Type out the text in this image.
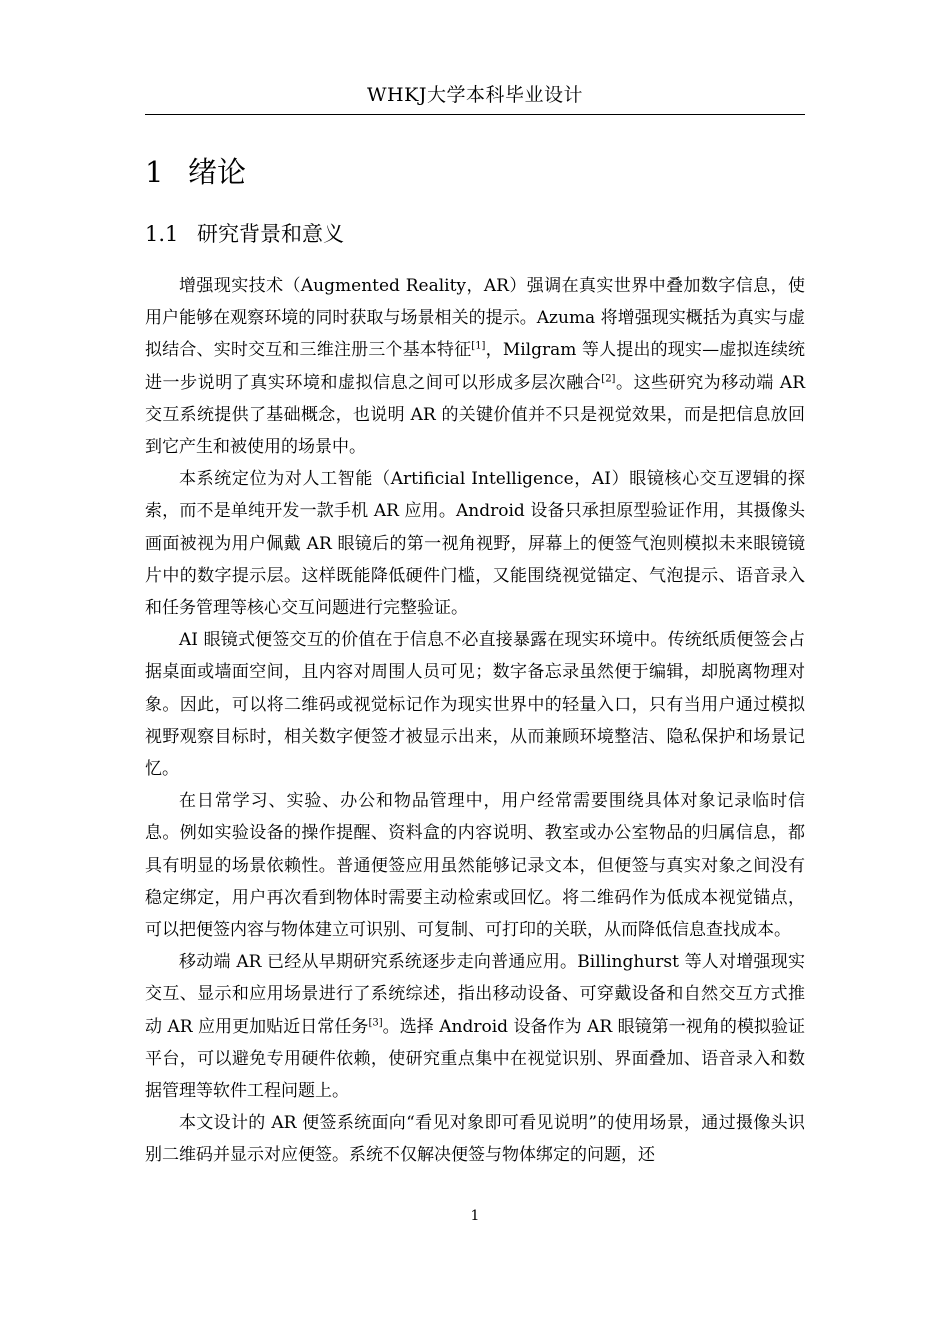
WHKJ大学本科毕业设计
1 绪论
1.1 研究背景和意义

增强现实技术（Augmented Reality，AR）强调在真实世界中叠加数字信息，使用户能够在观察环境的同时获取与场景相关的提示。Azuma 将增强现实概括为真实与虚拟结合、实时交互和三维注册三个基本特征[1]，Milgram 等人提出的现实—虚拟连续统进一步说明了真实环境和虚拟信息之间可以形成多层次融合[2]。这些研究为移动端 AR 交互系统提供了基础概念，也说明 AR 的关键价值并不只是视觉效果，而是把信息放回到它产生和被使用的场景中。

本系统定位为对人工智能（Artificial Intelligence，AI）眼镜核心交互逻辑的探索，而不是单纯开发一款手机 AR 应用。Android 设备只承担原型验证作用，其摄像头画面被视为用户佩戴 AR 眼镜后的第一视角视野，屏幕上的便签气泡则模拟未来眼镜镜片中的数字提示层。这样既能降低硬件门槛，又能围绕视觉锚定、气泡提示、语音录入和任务管理等核心交互问题进行完整验证。

AI 眼镜式便签交互的价值在于信息不必直接暴露在现实环境中。传统纸质便签会占据桌面或墙面空间，且内容对周围人员可见；数字备忘录虽然便于编辑，却脱离物理对象。因此，可以将二维码或视觉标记作为现实世界中的轻量入口，只有当用户通过模拟视野观察目标时，相关数字便签才被显示出来，从而兼顾环境整洁、隐私保护和场景记忆。

在日常学习、实验、办公和物品管理中，用户经常需要围绕具体对象记录临时信息。例如实验设备的操作提醒、资料盒的内容说明、教室或办公室物品的归属信息，都具有明显的场景依赖性。普通便签应用虽然能够记录文本，但便签与真实对象之间没有稳定绑定，用户再次看到物体时需要主动检索或回忆。将二维码作为低成本视觉锚点，可以把便签内容与物体建立可识别、可复制、可打印的关联，从而降低信息查找成本。

移动端 AR 已经从早期研究系统逐步走向普通应用。Billinghurst 等人对增强现实交互、显示和应用场景进行了系统综述，指出移动设备、可穿戴设备和自然交互方式推动 AR 应用更加贴近日常任务[3]。选择 Android 设备作为 AR 眼镜第一视角的模拟验证平台，可以避免专用硬件依赖，使研究重点集中在视觉识别、界面叠加、语音录入和数据管理等软件工程问题上。

本文设计的 AR 便签系统面向“看见对象即可看见说明”的使用场景，通过摄像头识别二维码并显示对应便签。系统不仅解决便签与物体绑定的问题，还

1
